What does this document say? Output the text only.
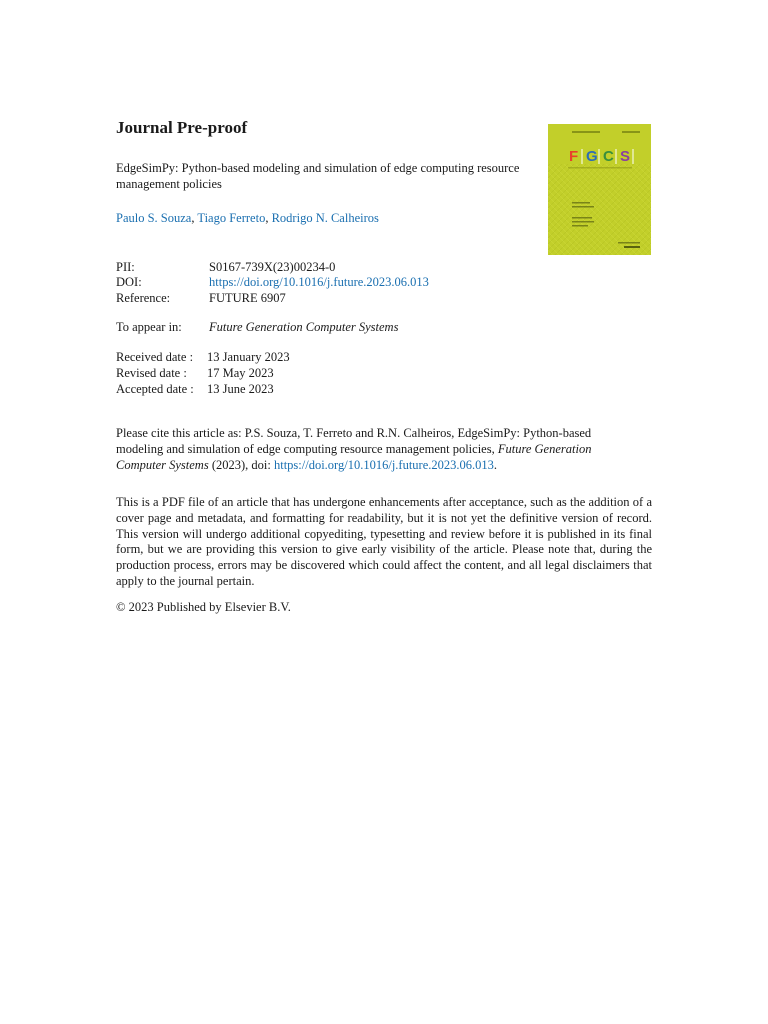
Journal Pre-proof

EdgeSimPy: Python-based modeling and simulation of edge computing resource management policies

Paulo S. Souza, Tiago Ferreto, Rodrigo N. Calheiros
F G C S
PII:	S0167-739X(23)00234-0
DOI:	https://doi.org/10.1016/j.future.2023.06.013
Reference:	FUTURE 6907
To appear in: Future Generation Computer Systems
Received date : 13 January 2023
Revised date : 17 May 2023
Accepted date : 13 June 2023

Please cite this article as: P.S. Souza, T. Ferreto and R.N. Calheiros, EdgeSimPy: Python-based modeling and simulation of edge computing resource management policies, Future Generation Computer Systems (2023), doi: https://doi.org/10.1016/j.future.2023.06.013.

This is a PDF file of an article that has undergone enhancements after acceptance, such as the addition of a cover page and metadata, and formatting for readability, but it is not yet the definitive version of record. This version will undergo additional copyediting, typesetting and review before it is published in its final form, but we are providing this version to give early visibility of the article. Please note that, during the production process, errors may be discovered which could affect the content, and all legal disclaimers that apply to the journal pertain.

© 2023 Published by Elsevier B.V.
